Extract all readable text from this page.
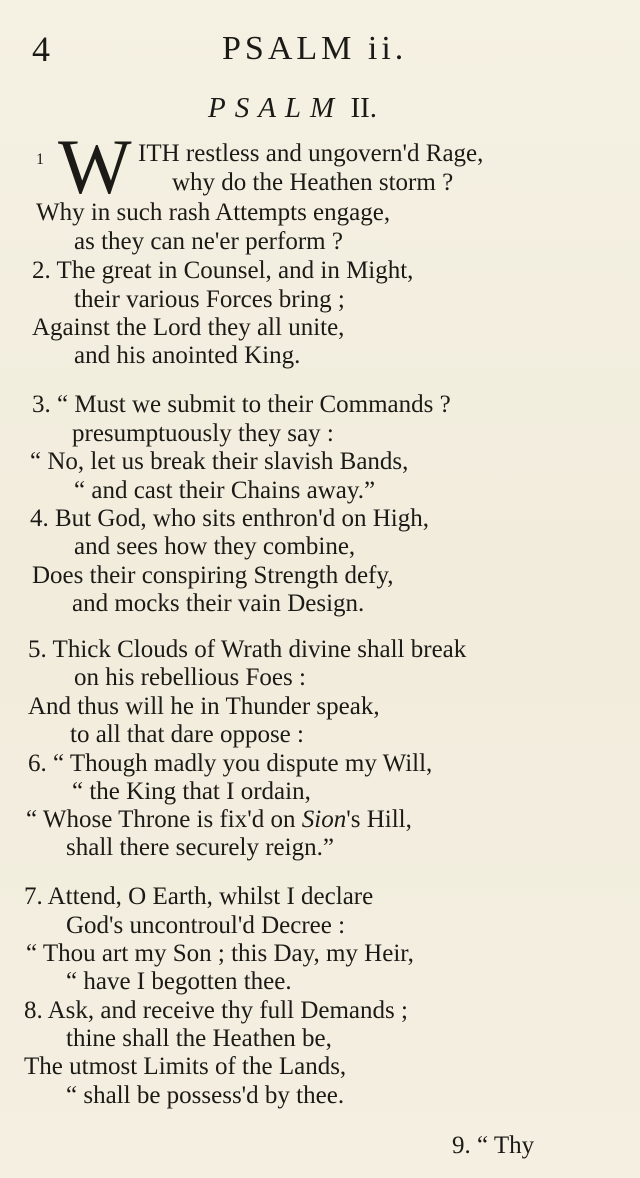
4	PSALM ii.
PSALM II.
W
1	ITH restless and ungovern'd Rage,
why do the Heathen storm ?
Why in such rash Attempts engage,
as they can ne'er perform ?
2. The great in Counsel, and in Might,
their various Forces bring ;
Against the Lord they all unite,
and his anointed King.
3. “ Must we submit to their Commands ?
presumptuously they say :
“ No, let us break their slavish Bands,
“ and cast their Chains away.”
4. But God, who sits enthron'd on High,
and sees how they combine,
Does their conspiring Strength defy,
and mocks their vain Design.
5. Thick Clouds of Wrath divine shall break
on his rebellious Foes :
And thus will he in Thunder speak,
to all that dare oppose :
6. “ Though madly you dispute my Will,
“ the King that I ordain,
“ Whose Throne is fix'd on Sion's Hill,
shall there securely reign.”
7. Attend, O Earth, whilst I declare
God's uncontroul'd Decree :
“ Thou art my Son ; this Day, my Heir,
“ have I begotten thee.
8. Ask, and receive thy full Demands ;
thine shall the Heathen be,
The utmost Limits of the Lands,
“ shall be possess'd by thee.
9. “ Thy
